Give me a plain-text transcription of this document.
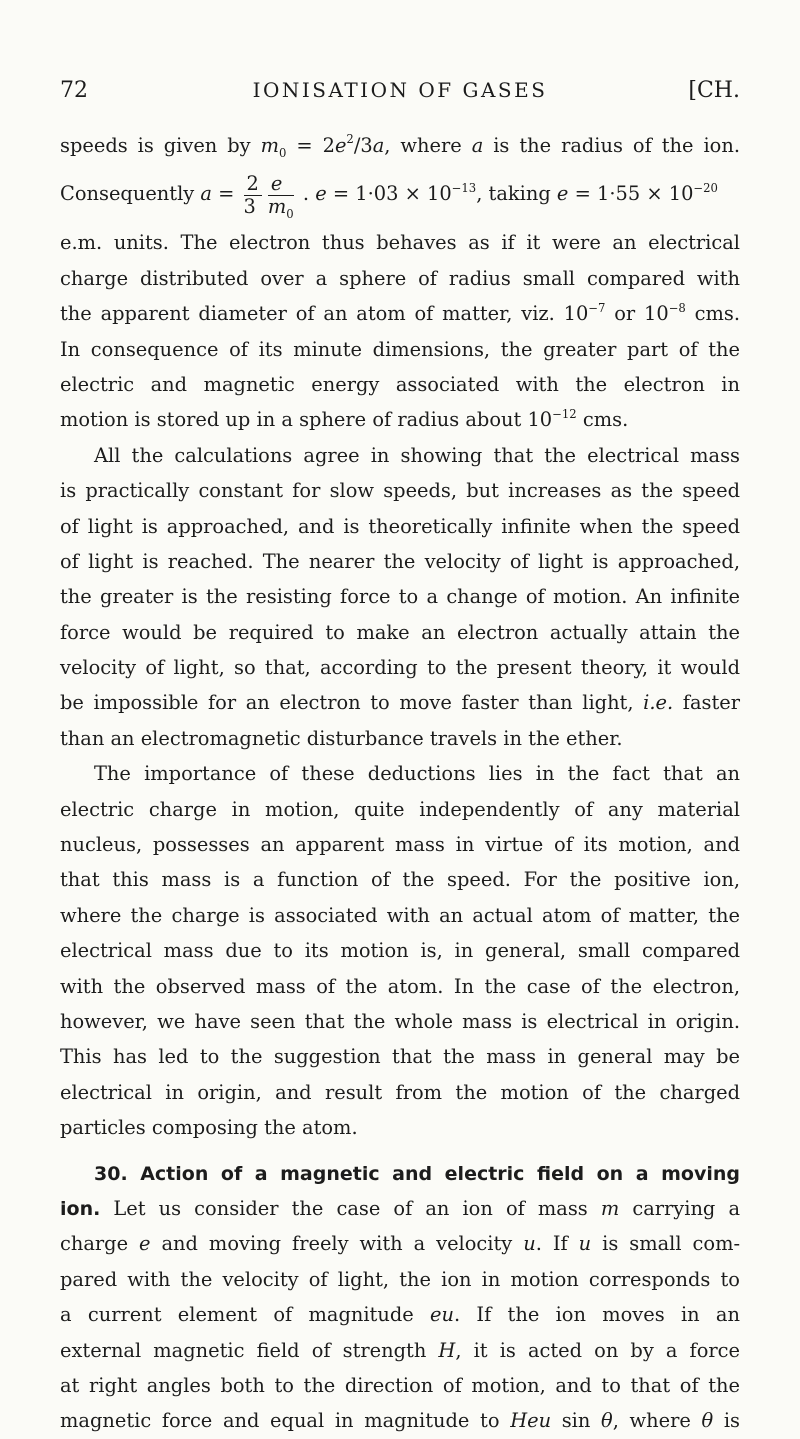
72	IONISATION OF GASES	[CH.
speeds is given by $m_0 = 2e^2/3a$, where a is the radius of the ion.
Consequently $a = \frac{2}{3} \frac{e}{m_0}$ . $e = 1\cdot 03 \times 10^{-13}$, taking $e = 1\cdot 55 \times 10^{-20}$
e.m. units. The electron thus behaves as if it were an electrical
charge distributed over a sphere of radius small compared with
the apparent diameter of an atom of matter, viz. $10^{-7}$ or $10^{-8}$ cms.
In consequence of its minute dimensions, the greater part of the
electric and magnetic energy associated with the electron in
motion is stored up in a sphere of radius about $10^{-12}$ cms.
All the calculations agree in showing that the electrical mass
is practically constant for slow speeds, but increases as the speed
of light is approached, and is theoretically infinite when the speed
of light is reached. The nearer the velocity of light is approached,
the greater is the resisting force to a change of motion. An infinite
force would be required to make an electron actually attain the
velocity of light, so that, according to the present theory, it would
be impossible for an electron to move faster than light, i.e. faster
than an electromagnetic disturbance travels in the ether.
The importance of these deductions lies in the fact that an
electric charge in motion, quite independently of any material
nucleus, possesses an apparent mass in virtue of its motion, and
that this mass is a function of the speed. For the positive ion,
where the charge is associated with an actual atom of matter, the
electrical mass due to its motion is, in general, small compared
with the observed mass of the atom. In the case of the electron,
however, we have seen that the whole mass is electrical in origin.
This has led to the suggestion that the mass in general may be
electrical in origin, and result from the motion of the charged
particles composing the atom.
30. Action of a magnetic and electric field on a moving
ion. Let us consider the case of an ion of mass m carrying a
charge e and moving freely with a velocity u. If u is small com-
pared with the velocity of light, the ion in motion corresponds to
a current element of magnitude eu. If the ion moves in an
external magnetic field of strength H, it is acted on by a force
at right angles both to the direction of motion, and to that of the
magnetic force and equal in magnitude to Heu sin θ, where θ is
